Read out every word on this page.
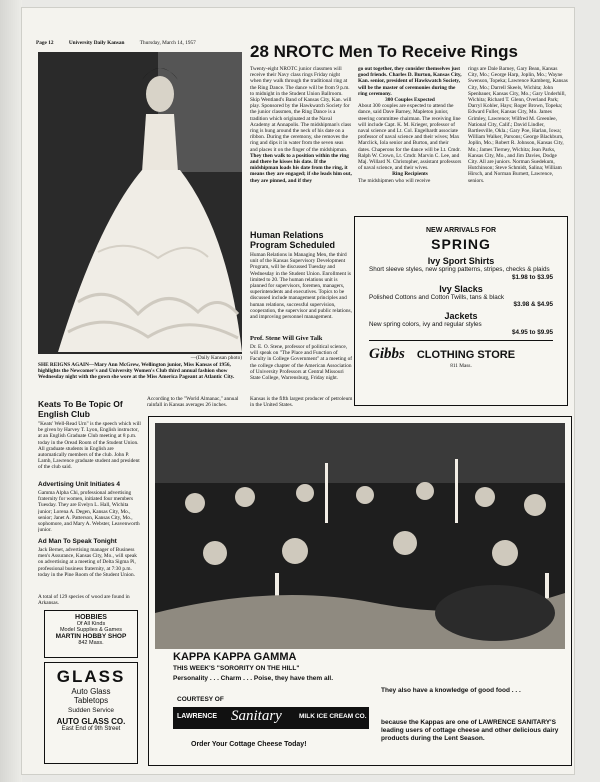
Page 12	University Daily Kansan	Thursday, March 14, 1957	28 NROTC Men To Receive Rings
—(Daily Kansan photo)
SHE REIGNS AGAIN—Mary Ann McGrew, Wellington junior, Miss Kansas of 1956, highlights the Newcomer's and University Women's Club third annual fashion show Wednesday night with the gown she wore at the Miss America Pageant at Atlantic City.
Twenty-eight NROTC junior classmen will receive their Navy class rings Friday night when they walk through the traditional ring at the Ring Dance. The dance will be from 9 p.m. to midnight in the Student Union Ballroom. Skip Wentland's Band of Kansas City, Kan. will play. Sponsored by the Hawkwatch Society for the junior classmen, the Ring Dance is a tradition which originated at the Naval Academy at Annapolis. The midshipman's class ring is hung around the neck of his date on a ribbon. During the ceremony, she removes the ring and dips it in water from the seven seas and places it on the finger of the midshipman. They then walk to a position within the ring and there he kisses his date. If the midshipman loads his date from the ring, it means they are engaged; if she leads him out, they are pinned, and if they
go out together, they consider themselves just good friends. Charles D. Burton, Kansas City, Kan. senior, president of Hawkwatch Society, will be the master of ceremonies during the ring ceremony.
300 Couples Expected
About 300 couples are expected to attend the dance, said Dave Barney, Mapleton junior, steering committee chairman. The receiving line will include Capt. K. M. Krieger, professor of naval science and Lt. Col. Engelhardt associate professor of naval science and their wives; Max Marclick, Iola senior and Burton, and their dates. Chaperons for the dance will be Lt. Cmdr. Ralph W. Crown, Lt. Cmdr. Marvin C. Lee, and Maj. Willard N. Christopher, assistant professors of naval science, and their wives.
Ring Recipients
The midshipmen who will receive
rings are Dale Barney, Gary Bean, Kansas City, Mo.; George Harp, Joplin, Mo.; Wayne Swenson, Topeka; Lawrence Kamberg, Kansas City, Mo.; Darrell Skeels, Wichita; John Spenbauer, Kansas City, Mo.; Gary Underhill, Wichita; Richard T. Glenn, Overland Park; Darryl Kohler, Hays; Roger Brown, Topeka; Edward Fuller, Kansas City, Mo. James Grimley, Lawrence; Wilfred M. Greenlee, National City, Calif.; David Lindler, Bartlesville, Okla.; Gary Poe, Harlan, Iowa; William Walker, Parsons; George Blackburn, Joplin, Mo.; Robert R. Johnson, Kansas City, Mo.; James Tierney, Wichita; Jean Parks, Kansas City, Mo., and Jim Davies, Dodge City. All are juniors. Norman Suedekum, Hutchinson; Steve Schmidt, Salina; William Hirsch, and Norman Burnett, Lawrence, seniors.
Human Relations Program Scheduled
Human Relations in Managing Men, the third unit of the Kansas Supervisory Development Program, will be discussed Tuesday and Wednesday in the Student Union. Enrollment is limited to 20. The human relations unit is planned for supervisors, foremen, managers, superintendents and executives. Topics to be discussed include management principles and human relations, successful supervision, cooperation, the supervisor and public relations, and improving personnel management.
Prof. Stene Will Give Talk
Dr. E. O. Stene, professor of political science, will speak on "The Place and Function of Faculty in College Government" at a meeting of the college chapter of the American Association of University Professors at Central Missouri State College, Warrensburg, Friday night.
According to the "World Almanac," annual rainfall in Kansas averages 26 inches.
Kansas is the fifth largest producer of petroleum in the United States.
NEW ARRIVALS FOR
SPRING
Ivy Sport Shirts
Short sleeve styles, new spring patterns, stripes, checks & plaids
$1.98 to $3.95
Ivy Slacks
Polished Cottons and Cotton Twills, tans & black
$3.98 & $4.95
Jackets
New spring colors, ivy and regular styles
$4.95 to $9.95
Gibbs CLOTHING STORE
811 Mass.
Keats To Be Topic Of English Club
"Keats' Well-Read Urn" is the speech which will be given by Harvey T. Lyon, English instructor, at an English Graduate Club meeting at 8 p.m. today in the Oread Room of the Student Union. All graduate students in English are automatically members of the club. John P. Lamb, Lawrence graduate student and president of the club said.
Advertising Unit Initiates 4
Gamma Alpha Chi, professional advertising fraternity for women, initiated four members Tuesday. They are Evelyn L. Hall, Wichita junior; Lorena A. Degen, Kansas City, Mo., senior; Janet A. Patterson, Kansas City, Mo., sophomore, and Mary A. Webster, Leavenworth junior.
Ad Man To Speak Tonight
Jack Bernet, advertising manager of Business men's Assurance, Kansas City, Mo., will speak on advertising at a meeting of Delta Sigma Pi, professional business fraternity, at 7:30 p.m. today in the Pine Room of the Student Union.
A total of 129 species of wood are found in Arkansas.
HOBBIES
Of All Kinds
Model Supplies & Games
MARTIN HOBBY SHOP
842 Mass.
GLASS
Auto Glass
Tabletops
Sudden Service
AUTO GLASS CO.
East End of 9th Street
KAPPA KAPPA GAMMA
THIS WEEK'S "SORORITY ON THE HILL"
Personality . . . Charm . . . Poise, they have them all.
COURTESY OF
LAWRENCE Sanitary	MILK ICE CREAM CO.
Order Your Cottage Cheese Today!
They also have a knowledge of good food . . .
because the Kappas are one of LAWRENCE SANITARY'S leading users of cottage cheese and other delicious dairy products during the Lent Season.
